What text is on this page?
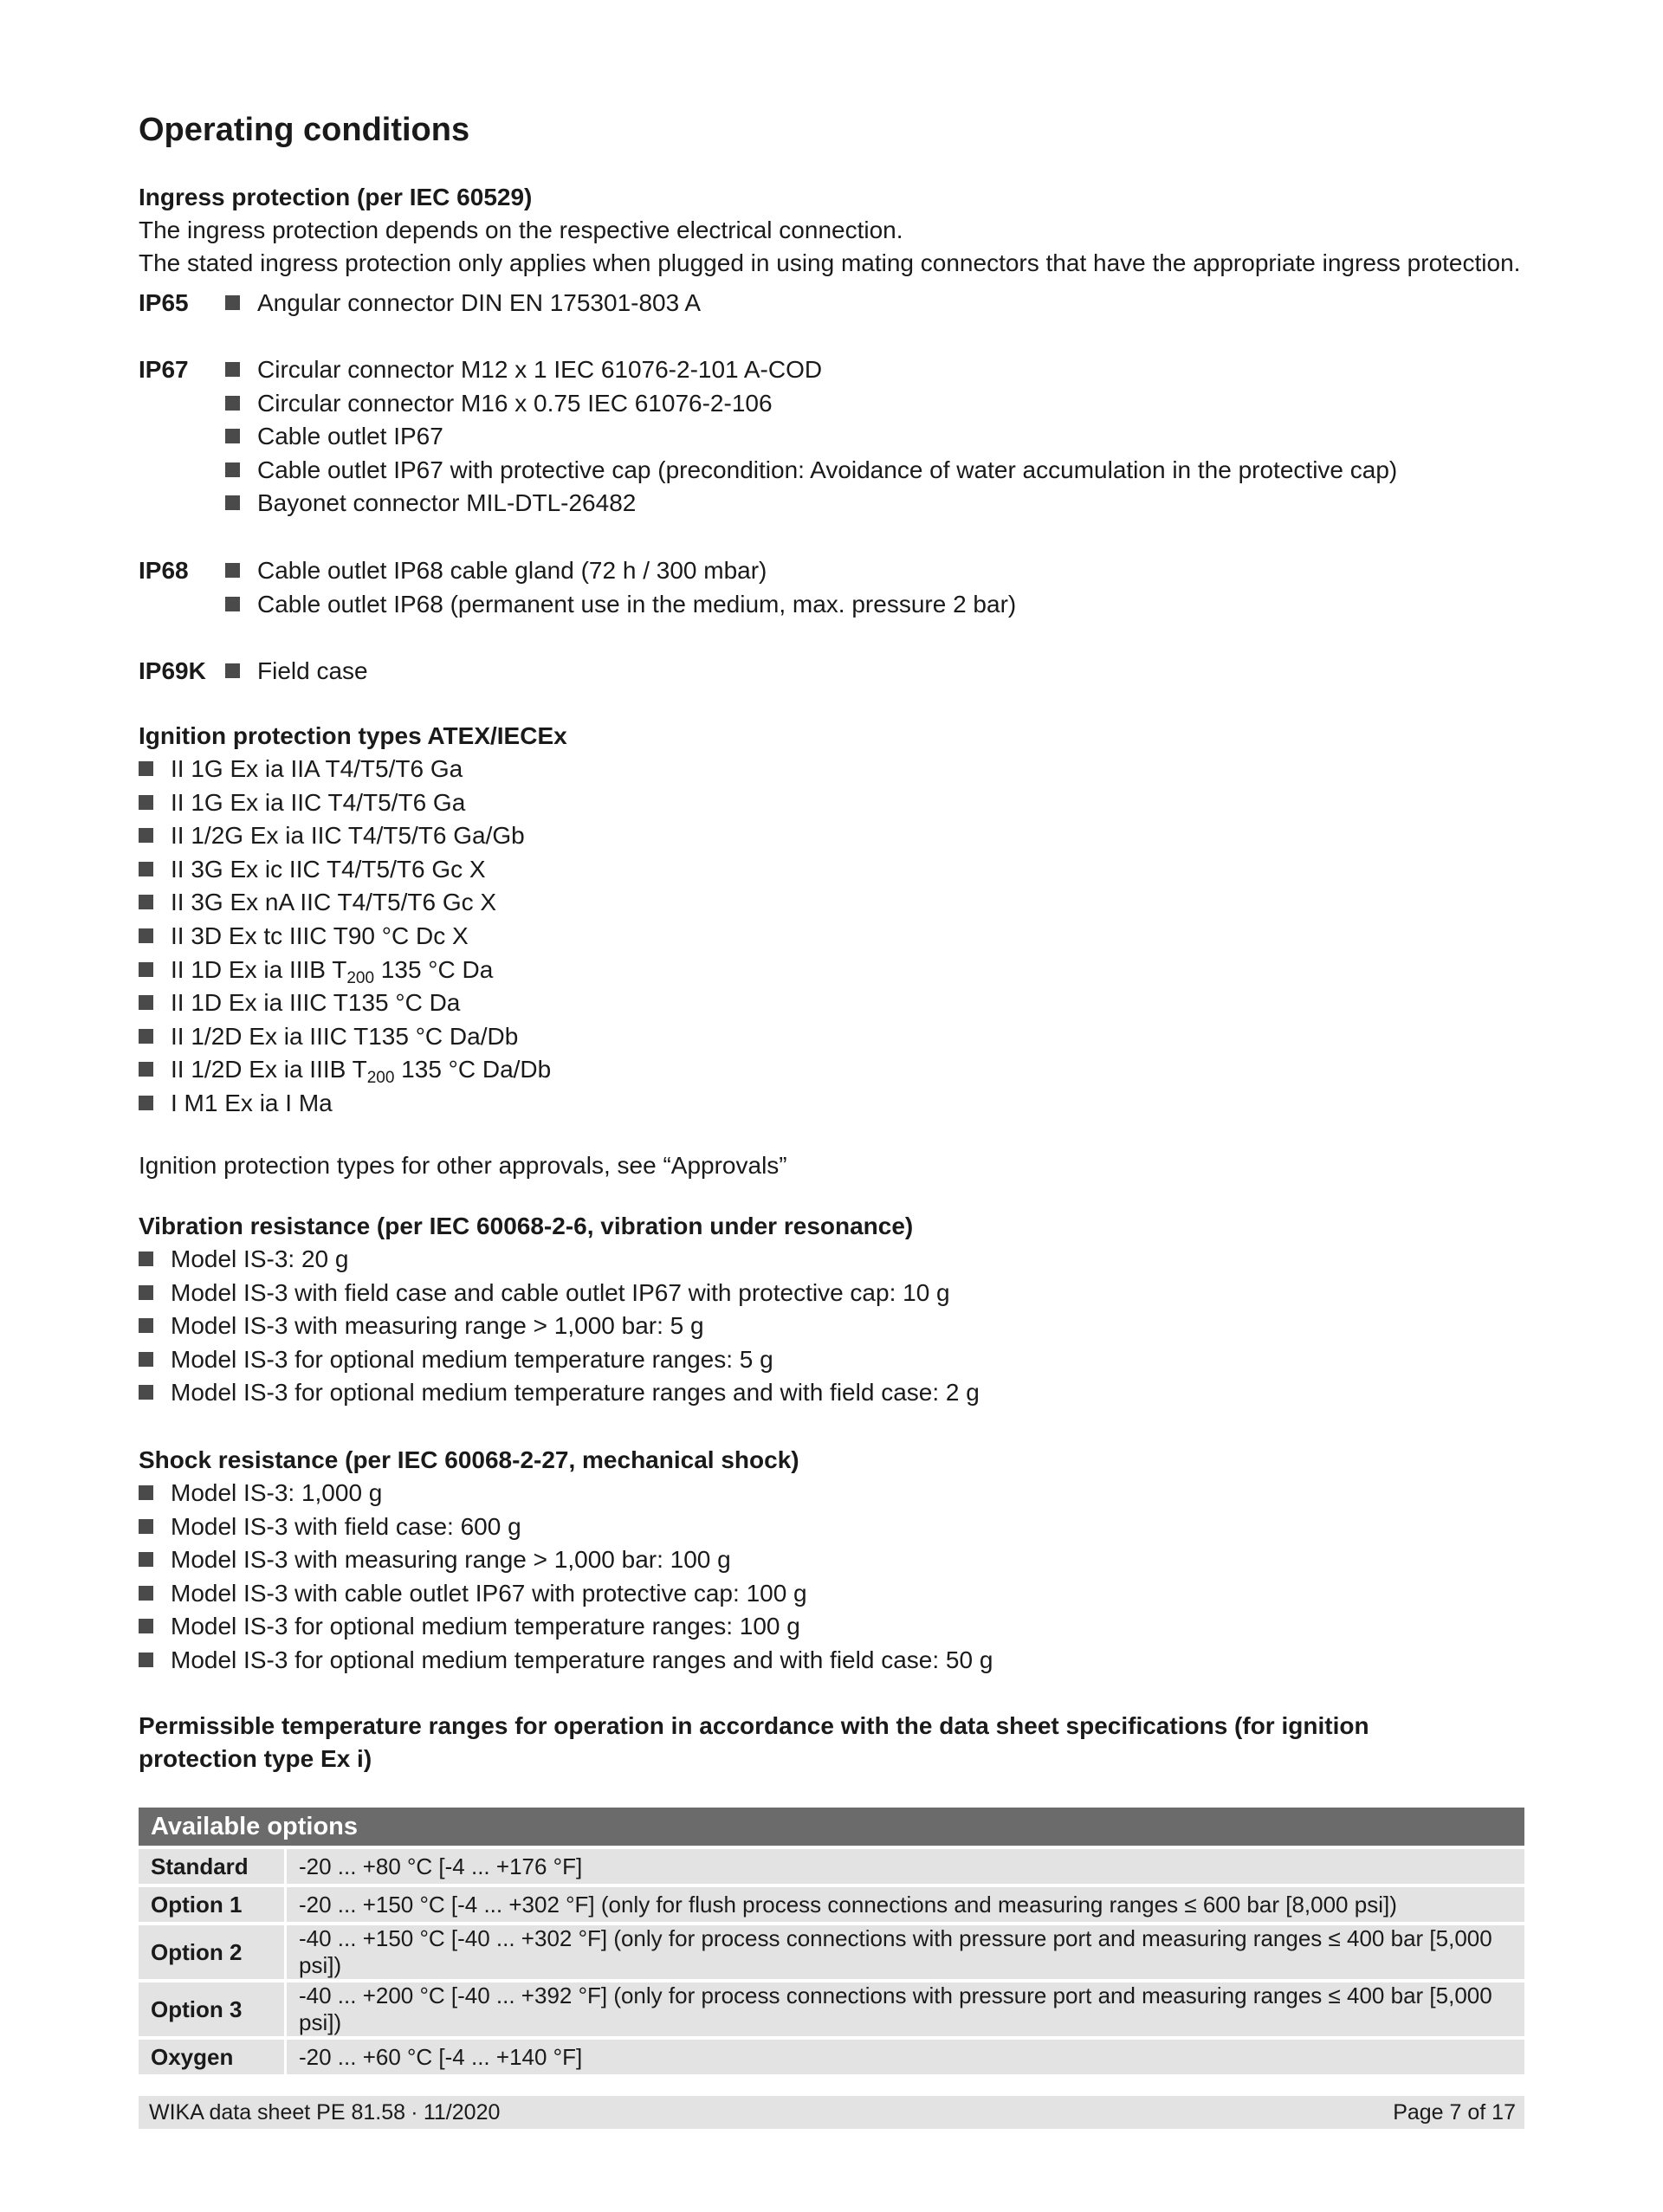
Operating conditions

Ingress protection (per IEC 60529)

The ingress protection depends on the respective electrical connection.

The stated ingress protection only applies when plugged in using mating connectors that have the appropriate ingress protection.

IP65	Angular connector DIN EN 175301-803 A
IP67	Circular connector M12 x 1 IEC 61076-2-101 A-COD
Circular connector M16 x 0.75 IEC 61076-2-106
Cable outlet IP67
Cable outlet IP67 with protective cap (precondition: Avoidance of water accumulation in the protective cap)
Bayonet connector MIL-DTL-26482
IP68	Cable outlet IP68 cable gland (72 h / 300 mbar)
Cable outlet IP68 (permanent use in the medium, max. pressure 2 bar)
IP69K	Field case

Ignition protection types ATEX/IECEx

II 1G Ex ia IIA T4/T5/T6 Ga
II 1G Ex ia IIC T4/T5/T6 Ga
II 1/2G Ex ia IIC T4/T5/T6 Ga/Gb
II 3G Ex ic IIC T4/T5/T6 Gc X
II 3G Ex nA IIC T4/T5/T6 Gc X
II 3D Ex tc IIIC T90 °C Dc X
II 1D Ex ia IIIB $T_{200}$ 135 °C Da
II 1D Ex ia IIIC T135 °C Da
II 1/2D Ex ia IIIC T135 °C Da/Db
II 1/2D Ex ia IIIB $T_{200}$ 135 °C Da/Db
I M1 Ex ia I Ma

Ignition protection types for other approvals, see “Approvals”

Vibration resistance (per IEC 60068-2-6, vibration under resonance)

Model IS-3: 20 g
Model IS-3 with field case and cable outlet IP67 with protective cap: 10 g
Model IS-3 with measuring range > 1,000 bar: 5 g
Model IS-3 for optional medium temperature ranges: 5 g
Model IS-3 for optional medium temperature ranges and with field case: 2 g

Shock resistance (per IEC 60068-2-27, mechanical shock)

Model IS-3: 1,000 g
Model IS-3 with field case: 600 g
Model IS-3 with measuring range > 1,000 bar: 100 g
Model IS-3 with cable outlet IP67 with protective cap: 100 g
Model IS-3 for optional medium temperature ranges: 100 g
Model IS-3 for optional medium temperature ranges and with field case: 50 g

Permissible temperature ranges for operation in accordance with the data sheet specifications (for ignition

protection type Ex i)

Available options	
Standard	-20 ... +80 °C [-4 ... +176 °F]
Option 1	-20 ... +150 °C [-4 ... +302 °F] (only for flush process connections and measuring ranges ≤ 600 bar [8,000 psi])
Option 2	-40 ... +150 °C [-40 ... +302 °F] (only for process connections with pressure port and measuring ranges ≤ 400 bar [5,000 psi])
Option 3	-40 ... +200 °C [-40 ... +392 °F] (only for process connections with pressure port and measuring ranges ≤ 400 bar [5,000 psi])
Oxygen	-20 ... +60 °C [-4 ... +140 °F]
WIKA data sheet PE 81.58 ∙ 11/2020	Page 7 of 17
